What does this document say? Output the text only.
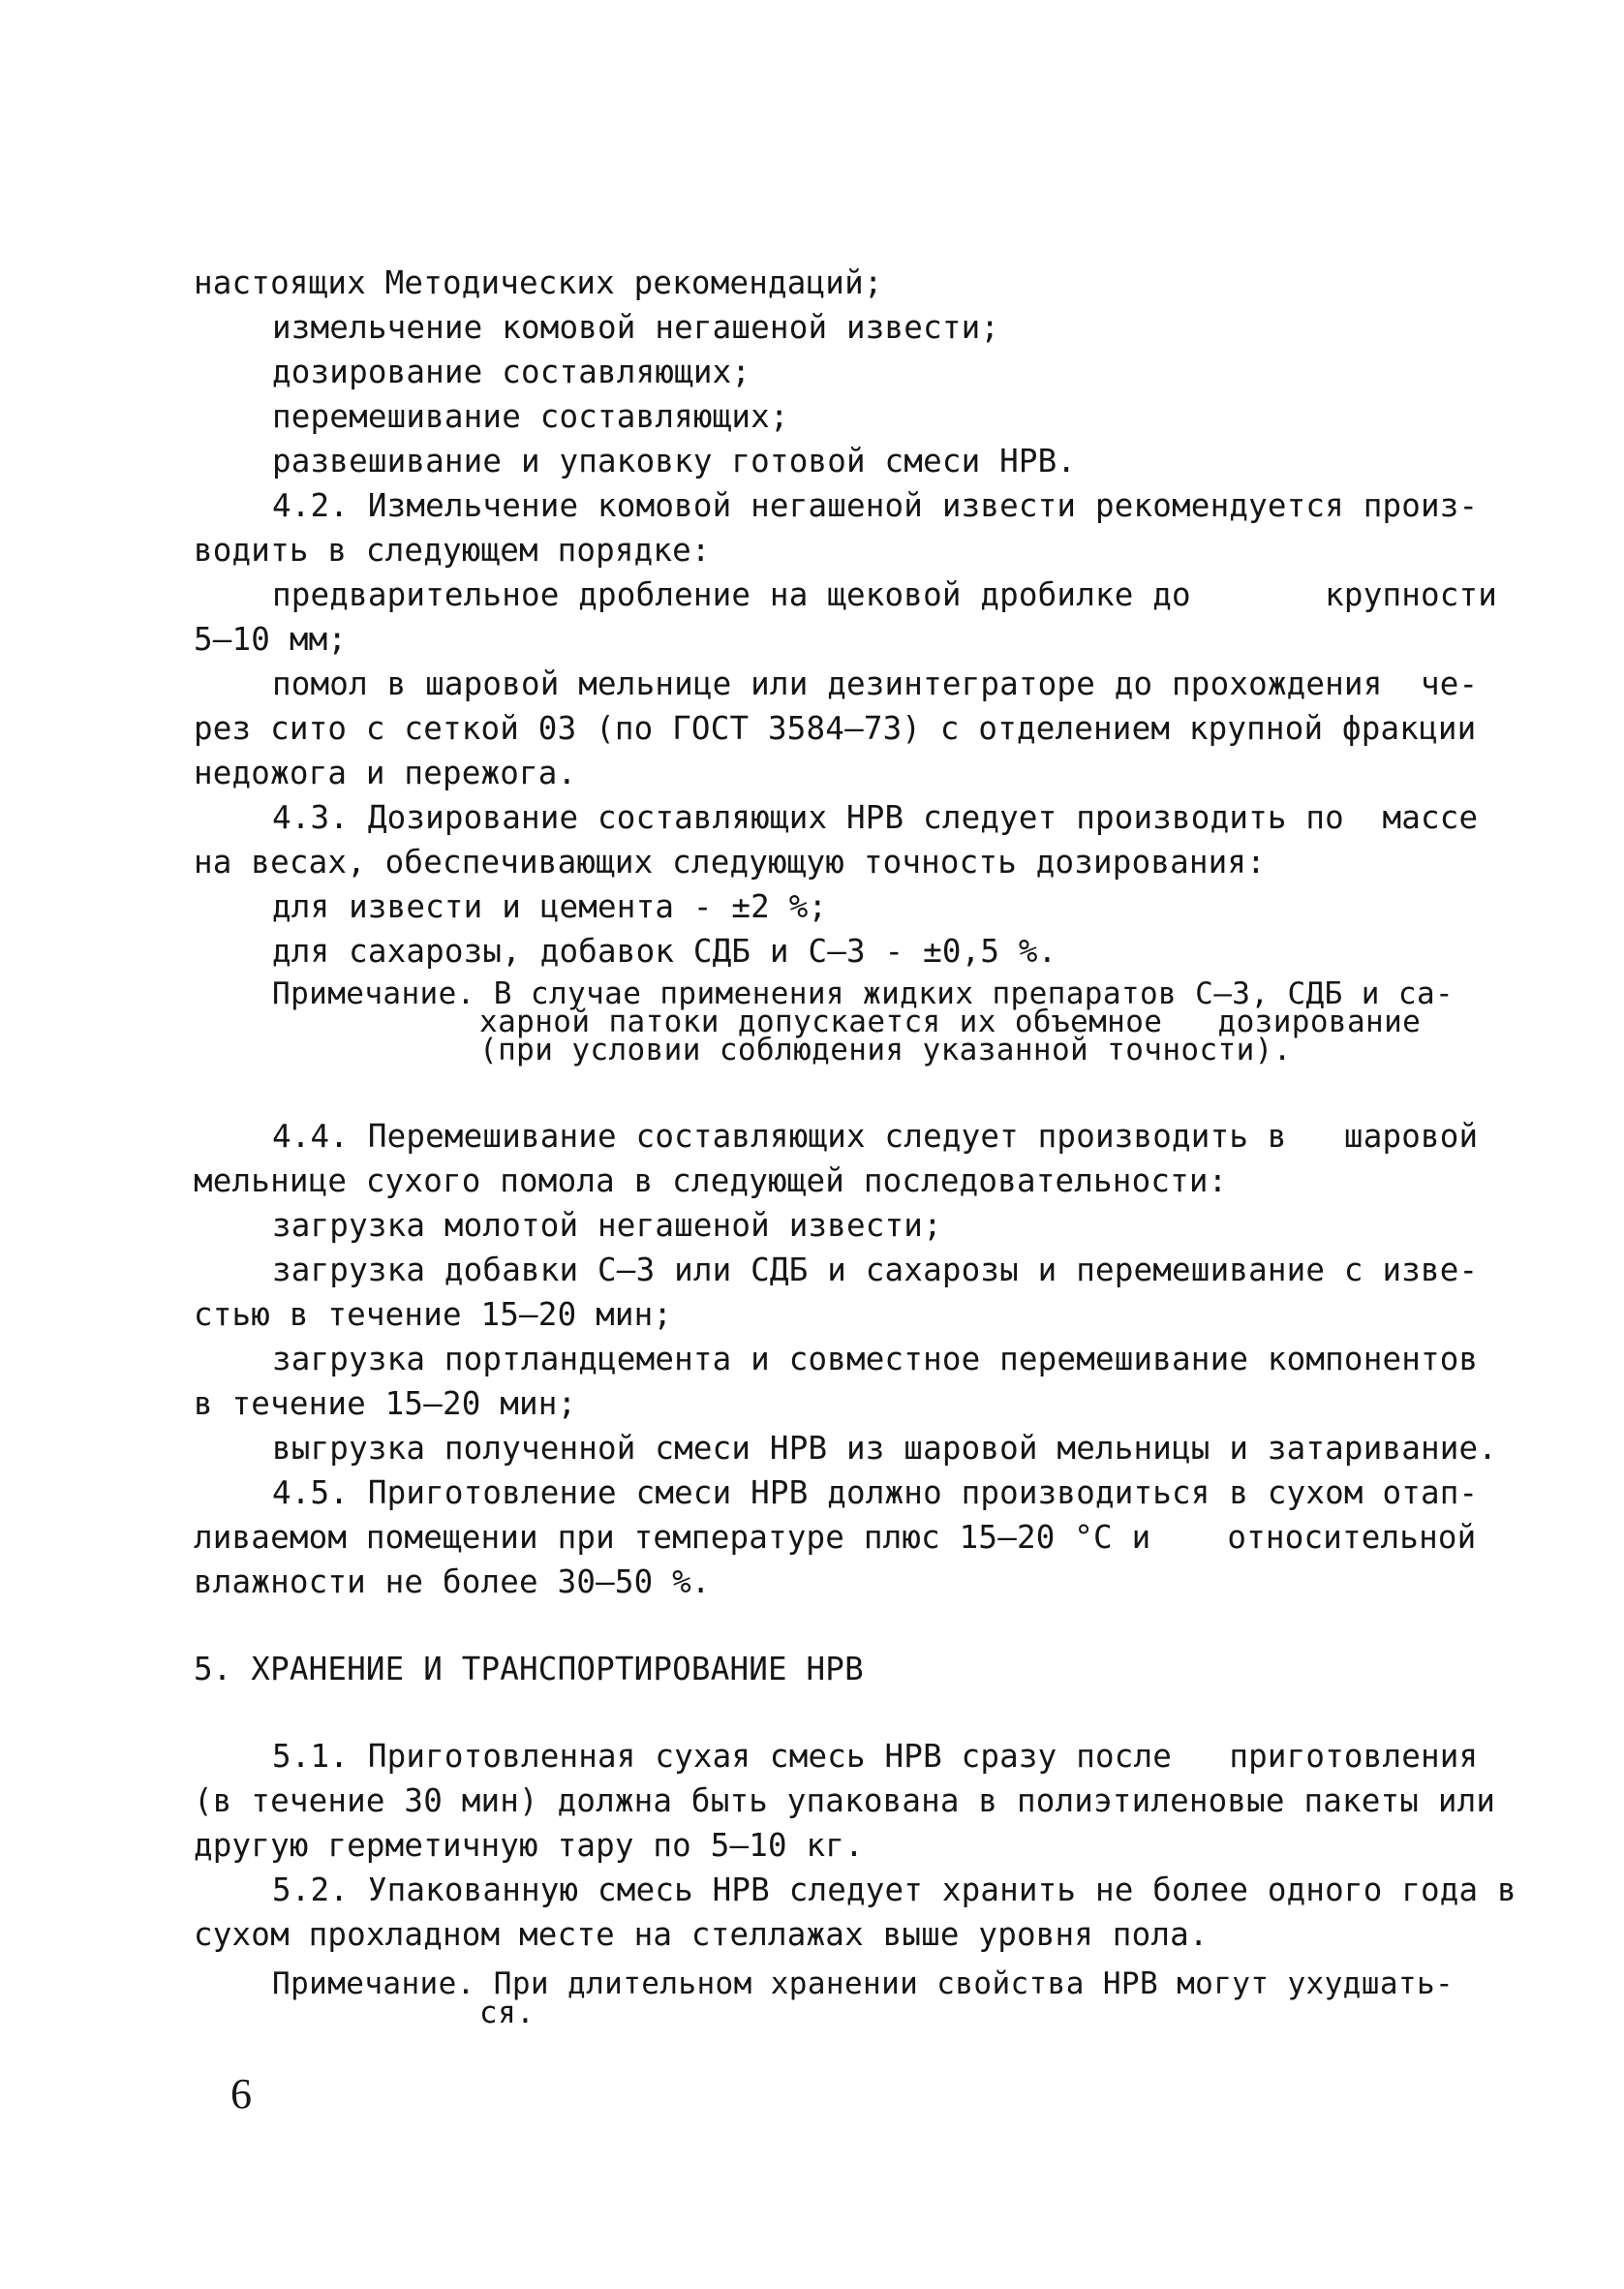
настоящих Методических рекомендаций;
измельчение комовой негашеной извести;
дозирование составляющих;
перемешивание составляющих;
развешивание и упаковку готовой смеси НРВ.
4.2. Измельчение комовой негашеной извести рекомендуется произ-
водить в следующем порядке:
предварительное дробление на щековой дробилке до       крупности
5–10 мм;
помол в шаровой мельнице или дезинтеграторе до прохождения  че-
рез сито с сеткой 03 (по ГОСТ 3584–73) с отделением крупной фракции
недожога и пережога.
4.3. Дозирование составляющих НРВ следует производить по  массе
на весах, обеспечивающих следующую точность дозирования:
для извести и цемента - ±2 %;
для сахарозы, добавок СДБ и С–3 - ±0,5 %.
Примечание. В случае применения жидких препаратов С–3, СДБ и са-
харной патоки допускается их объемное   дозирование
(при условии соблюдения указанной точности).
4.4. Перемешивание составляющих следует производить в   шаровой
мельнице сухого помола в следующей последовательности:
загрузка молотой негашеной извести;
загрузка добавки С–3 или СДБ и сахарозы и перемешивание с изве-
стью в течение 15–20 мин;
загрузка портландцемента и совместное перемешивание компонентов
в течение 15–20 мин;
выгрузка полученной смеси НРВ из шаровой мельницы и затаривание.
4.5. Приготовление смеси НРВ должно производиться в сухом отап-
ливаемом помещении при температуре плюс 15–20 °С и    относительной
влажности не более 30–50 %.
5. ХРАНЕНИЕ И ТРАНСПОРТИРОВАНИЕ НРВ
5.1. Приготовленная сухая смесь НРВ сразу после   приготовления
(в течение 30 мин) должна быть упакована в полиэтиленовые пакеты или
другую герметичную тару по 5–10 кг.
5.2. Упакованную смесь НРВ следует хранить не более одного года в
сухом прохладном месте на стеллажах выше уровня пола.
Примечание. При длительном хранении свойства НРВ могут ухудшать-
ся.
6
